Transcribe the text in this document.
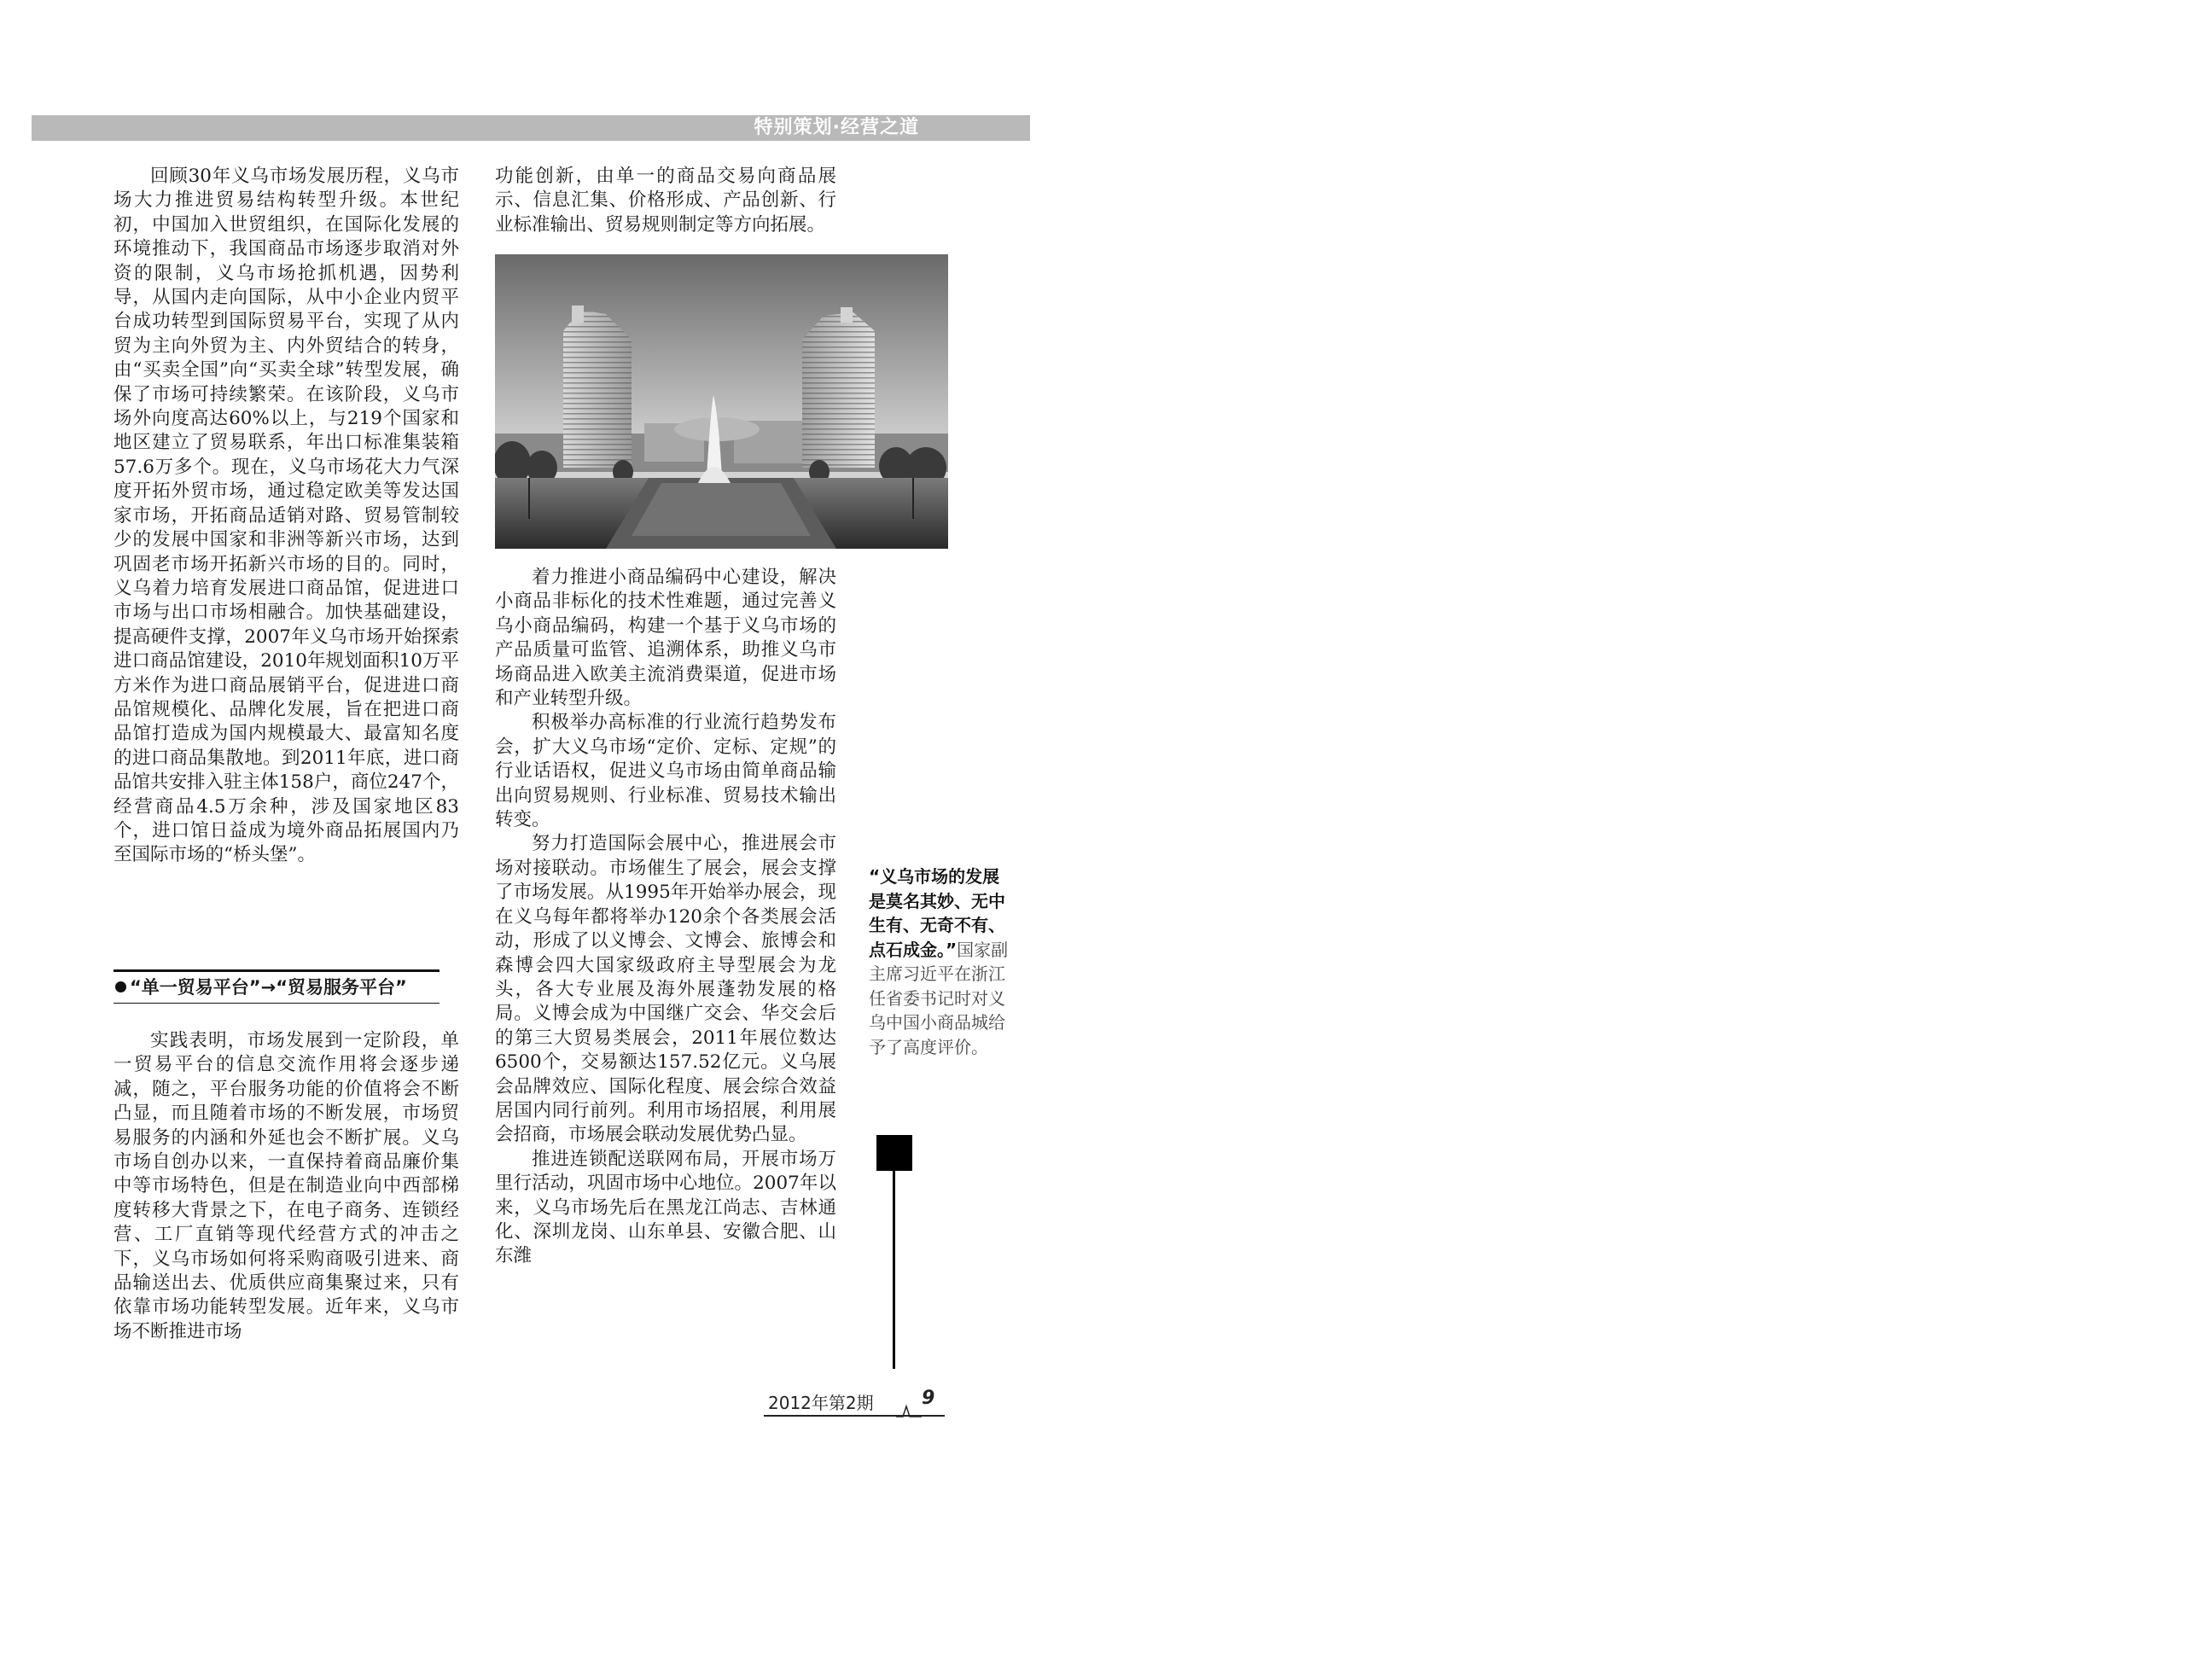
特别策划·经营之道

回顾30年义乌市场发展历程，义乌市场大力推进贸易结构转型升级。本世纪初，中国加入世贸组织，在国际化发展的环境推动下，我国商品市场逐步取消对外资的限制，义乌市场抢抓机遇，因势利导，从国内走向国际，从中小企业内贸平台成功转型到国际贸易平台，实现了从内贸为主向外贸为主、内外贸结合的转身，由“买卖全国”向“买卖全球”转型发展，确保了市场可持续繁荣。在该阶段，义乌市场外向度高达60%以上，与219个国家和地区建立了贸易联系，年出口标准集装箱57.6万多个。现在，义乌市场花大力气深度开拓外贸市场，通过稳定欧美等发达国家市场，开拓商品适销对路、贸易管制较少的发展中国家和非洲等新兴市场，达到巩固老市场开拓新兴市场的目的。同时，义乌着力培育发展进口商品馆，促进进口市场与出口市场相融合。加快基础建设，提高硬件支撑，2007年义乌市场开始探索进口商品馆建设，2010年规划面积10万平方米作为进口商品展销平台，促进进口商品馆规模化、品牌化发展，旨在把进口商品馆打造成为国内规模最大、最富知名度的进口商品集散地。到2011年底，进口商品馆共安排入驻主体158户，商位247个，经营商品4.5万余种，涉及国家地区83个，进口馆日益成为境外商品拓展国内乃至国际市场的“桥头堡”。

“单一贸易平台”→“贸易服务平台”

实践表明，市场发展到一定阶段，单一贸易平台的信息交流作用将会逐步递减，随之，平台服务功能的价值将会不断凸显，而且随着市场的不断发展，市场贸易服务的内涵和外延也会不断扩展。义乌市场自创办以来，一直保持着商品廉价集中等市场特色，但是在制造业向中西部梯度转移大背景之下，在电子商务、连锁经营、工厂直销等现代经营方式的冲击之下，义乌市场如何将采购商吸引进来、商品输送出去、优质供应商集聚过来，只有依靠市场功能转型发展。近年来，义乌市场不断推进市场

功能创新，由单一的商品交易向商品展示、信息汇集、价格形成、产品创新、行业标准输出、贸易规则制定等方向拓展。

着力推进小商品编码中心建设，解决小商品非标化的技术性难题，通过完善义乌小商品编码，构建一个基于义乌市场的产品质量可监管、追溯体系，助推义乌市场商品进入欧美主流消费渠道，促进市场和产业转型升级。

积极举办高标准的行业流行趋势发布会，扩大义乌市场“定价、定标、定规”的行业话语权，促进义乌市场由简单商品输出向贸易规则、行业标准、贸易技术输出转变。

努力打造国际会展中心，推进展会市场对接联动。市场催生了展会，展会支撑了市场发展。从1995年开始举办展会，现在义乌每年都将举办120余个各类展会活动，形成了以义博会、文博会、旅博会和森博会四大国家级政府主导型展会为龙头，各大专业展及海外展蓬勃发展的格局。义博会成为中国继广交会、华交会后的第三大贸易类展会，2011年展位数达6500个，交易额达157.52亿元。义乌展会品牌效应、国际化程度、展会综合效益居国内同行前列。利用市场招展，利用展会招商，市场展会联动发展优势凸显。

推进连锁配送联网布局，开展市场万里行活动，巩固市场中心地位。2007年以来，义乌市场先后在黑龙江尚志、吉林通化、深圳龙岗、山东单县、安徽合肥、山东潍

“义乌市场的发展是莫名其妙、无中生有、无奇不有、点石成金。”国家副主席习近平在浙江任省委书记时对义乌中国小商品城给予了高度评价。
2012年第2期	9
